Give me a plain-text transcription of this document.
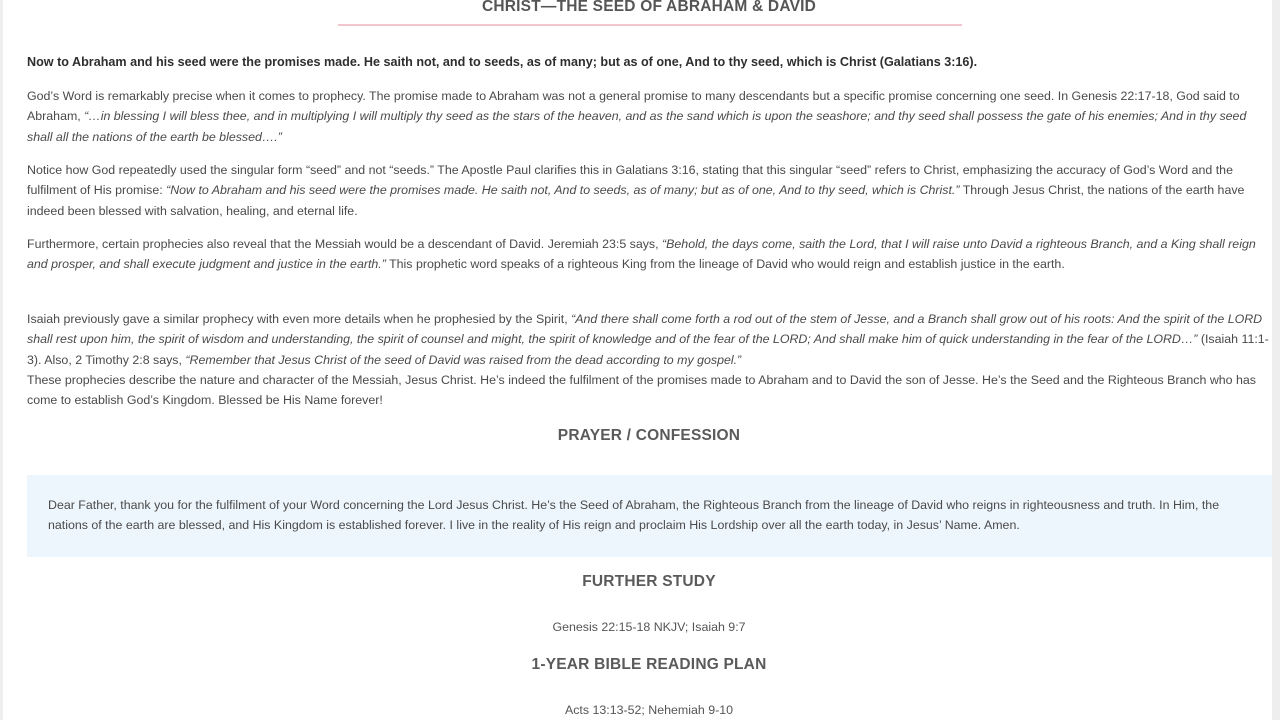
CHRIST—THE SEED OF ABRAHAM & DAVID
Now to Abraham and his seed were the promises made. He saith not, and to seeds, as of many; but as of one, And to thy seed, which is Christ (Galatians 3:16).

God’s Word is remarkably precise when it comes to prophecy. The promise made to Abraham was not a general promise to many descendants but a specific promise concerning one seed. In Genesis 22:17-18, God said to Abraham, “…in blessing I will bless thee, and in multiplying I will multiply thy seed as the stars of the heaven, and as the sand which is upon the seashore; and thy seed shall possess the gate of his enemies; And in thy seed shall all the nations of the earth be blessed….”

Notice how God repeatedly used the singular form “seed” and not “seeds.” The Apostle Paul clarifies this in Galatians 3:16, stating that this singular “seed” refers to Christ, emphasizing the accuracy of God’s Word and the fulfilment of His promise: “Now to Abraham and his seed were the promises made. He saith not, And to seeds, as of many; but as of one, And to thy seed, which is Christ.” Through Jesus Christ, the nations of the earth have indeed been blessed with salvation, healing, and eternal life.

Furthermore, certain prophecies also reveal that the Messiah would be a descendant of David. Jeremiah 23:5 says, “Behold, the days come, saith the Lord, that I will raise unto David a righteous Branch, and a King shall reign and prosper, and shall execute judgment and justice in the earth.” This prophetic word speaks of a righteous King from the lineage of David who would reign and establish justice in the earth.

Isaiah previously gave a similar prophecy with even more details when he prophesied by the Spirit, “And there shall come forth a rod out of the stem of Jesse, and a Branch shall grow out of his roots: And the spirit of the LORD shall rest upon him, the spirit of wisdom and understanding, the spirit of counsel and might, the spirit of knowledge and of the fear of the LORD; And shall make him of quick understanding in the fear of the LORD…” (Isaiah 11:1-3). Also, 2 Timothy 2:8 says, “Remember that Jesus Christ of the seed of David was raised from the dead according to my gospel.”

These prophecies describe the nature and character of the Messiah, Jesus Christ. He’s indeed the fulfilment of the promises made to Abraham and to David the son of Jesse. He’s the Seed and the Righteous Branch who has come to establish God’s Kingdom. Blessed be His Name forever!
PRAYER / CONFESSION
Dear Father, thank you for the fulfilment of your Word concerning the Lord Jesus Christ. He’s the Seed of Abraham, the Righteous Branch from the lineage of David who reigns in righteousness and truth. In Him, the nations of the earth are blessed, and His Kingdom is established forever. I live in the reality of His reign and proclaim His Lordship over all the earth today, in Jesus’ Name. Amen.
FURTHER STUDY
Genesis 22:15-18 NKJV; Isaiah 9:7
1-YEAR BIBLE READING PLAN
Acts 13:13-52; Nehemiah 9-10
